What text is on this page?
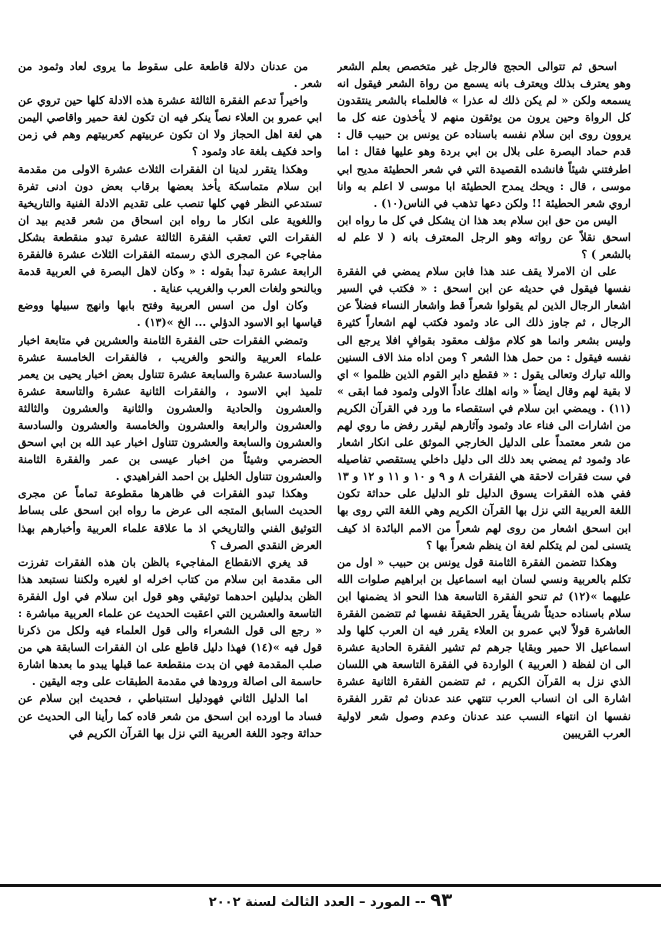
اسحق ثم تتوالى الحجج فالرجل غير متخصص بعلم الشعر وهو يعترف بذلك ويعترف بانه يسمع من رواة الشعر فيقول انه يسمعه ولكن « لم يكن ذلك له عذرا » فالعلماء بالشعر ينتقدون كل الرواة وحين يرون من يوثقون منهم لا يأخذون عنه كل ما يروون روى ابن سلام نفسه باسناده عن يونس بن حبيب قال : قدم حماد البصرة على بلال بن ابي بردة وهو عليها فقال : اما اطرفتني شيئاً فانشده القصيدة التي في شعر الحطيئة مديح ابي موسى ، قال : ويحك يمدح الحطيئة ابا موسى لا اعلم به وانا اروي شعر الحطيئة !! ولكن دعها تذهب في الناس(١٠) .

اليس من حق ابن سلام بعد هذا ان يشكل في كل ما رواه ابن اسحق نقلاً عن رواته وهو الرجل المعترف بانه ( لا علم له بالشعر ) ؟

على ان الامرلا يقف عند هذا فابن سلام يمضي في الفقرة نفسها فيقول في حديثه عن ابن اسحق : « فكتب في السير اشعار الرجال الذين لم يقولوا شعراً قط واشعار النساء فضلاً عن الرجال ، ثم جاوز ذلك الى عاد وثمود فكتب لهم اشعاراً كثيرة وليس بشعر وانما هو كلام مؤلف معقود بقوافٍ افلا يرجع الى نفسه فيقول : من حمل هذا الشعر ؟ ومن اداه منذ الاف السنين والله تبارك وتعالى يقول : « فقطع دابر القوم الذين ظلموا » اي لا بقية لهم وقال ايضاً « وانه اهلك عاداً الاولى وثمود فما ابقى » (١١) . ويمضي ابن سلام في استقصاء ما ورد في القرآن الكريم من اشارات الى فناء عاد وثمود وآثارهم ليقرر رفض ما روي لهم من شعر معتمداً على الدليل الخارجي الموثق على انكار اشعار عاد وثمود ثم يمضي بعد ذلك الى دليل داخلي يستقصي تفاصيله في ست فقرات لاحقة هي الفقرات ٨ و ٩ و ١٠ و ١١ و ١٢ و ١٣ ففي هذه الفقرات يسوق الدليل تلو الدليل على حداثة تكون اللغة العربية التي نزل بها القرآن الكريم وهي اللغة التي روى بها ابن اسحق اشعار من روى لهم شعراً من الامم البائدة اذ كيف يتسنى لمن لم يتكلم لغة ان ينظم شعراً بها ؟

وهكذا تتضمن الفقرة الثامنة قول يونس بن حبيب « اول من تكلم بالعربية ونسي لسان ابيه اسماعيل بن ابراهيم صلوات الله عليهما »(١٢) ثم تنحو الفقرة التاسعة هذا النحو اذ يضمنها ابن سلام باسناده حديثاً شريفاً يقرر الحقيقة نفسها ثم تتضمن الفقرة العاشرة قولاً لابي عمرو بن العلاء يقرر فيه ان العرب كلها ولد اسماعيل الا حمير وبقايا جرهم ثم تشير الفقرة الحادية عشرة الى ان لفظة ( العربية ) الواردة في الفقرة التاسعة هي اللسان الذي نزل به القرآن الكريم ، ثم تتضمن الفقرة الثانية عشرة اشارة الى ان انساب العرب تنتهي عند عدنان ثم تقرر الفقرة نفسها ان انتهاء النسب عند عدنان وعدم وصول شعر لاولية العرب القريبين

من عدنان دلالة قاطعة على سقوط ما يروى لعاد وثمود من شعر .

واخيراً تدعم الفقرة الثالثة عشرة هذه الادلة كلها حين تروي عن ابي عمرو بن العلاء نصاً ينكر فيه ان تكون لغة حمير واقاصي اليمن هي لغة اهل الحجاز ولا ان تكون عربيتهم كعربيتهم وهم في زمن واحد فكيف بلغة عاد وثمود ؟

وهكذا يتقرر لدينا ان الفقرات الثلاث عشرة الاولى من مقدمة ابن سلام متماسكة يأخذ بعضها برقاب بعض دون ادنى تفرة تستدعي النظر فهي كلها تنصب على تقديم الادلة الفنية والتاريخية واللغوية على انكار ما رواه ابن اسحاق من شعر قديم بيد ان الفقرات التي تعقب الفقرة الثالثة عشرة تبدو منقطعة بشكل مفاجيء عن المجرى الذي رسمته الفقرات الثلاث عشرة فالفقرة الرابعة عشرة تبدأ بقوله : « وكان لاهل البصرة في العربية قدمة وبالنحو ولغات العرب والغريب عناية .

وكان اول من اسس العربية وفتح بابها وانهج سبيلها ووضع قياسها ابو الاسود الدؤلي ... الخ »(١٣) .

وتمضي الفقرات حتى الفقرة الثامنة والعشرين في متابعة اخبار علماء العربية والنحو والغريب ، فالفقرات الخامسة عشرة والسادسة عشرة والسابعة عشرة تتناول بعض اخبار يحيى بن يعمر تلميذ ابي الاسود ، والفقرات الثانية عشرة والتاسعة عشرة والعشرون والحادية والعشرون والثانية والعشرون والثالثة والعشرون والرابعة والعشرون والخامسة والعشرون والسادسة والعشرون والسابعة والعشرون تتناول اخبار عبد الله بن ابي اسحق الحضرمي وشيئاً من اخبار عيسى بن عمر والفقرة الثامنة والعشرون تتناول الخليل بن احمد الفراهيدي .

وهكذا تبدو الفقرات في ظاهرها مقطوعة تماماً عن مجرى الحديث السابق المتجه الى عرض ما رواه ابن اسحق على بساط التوثيق الفني والتاريخي اذ ما علاقة علماء العربية وأخبارهم بهذا العرض النقدي الصرف ؟

قد يغري الانقطاع المفاجيء بالظن بان هذه الفقرات تفرزت الى مقدمة ابن سلام من كتاب اخرله او لغيره ولكننا نستبعد هذا الظن بدليلين احدهما توثيقي وهو قول ابن سلام في اول الفقرة التاسعة والعشرين التي اعقبت الحديث عن علماء العربية مباشرة : « رجع الى قول الشعراء والى قول العلماء فيه ولكل من ذكرنا قول فيه »(١٤) فهذا دليل قاطع على ان الفقرات السابقة هي من صلب المقدمة فهي ان بدت منقطعة عما قبلها يبدو ما بعدها اشارة حاسمة الى اصالة ورودها في مقدمة الطبقات على وجه اليقين .

اما الدليل الثاني فهودليل استنباطي ، فحديث ابن سلام عن فساد ما اورده ابن اسحق من شعر قاده كما رأينا الى الحديث عن حداثة وجود اللغة العربية التي نزل بها القرآن الكريم في

٩٣ -- المورد – العدد الثالث لسنة ٢٠٠٢
